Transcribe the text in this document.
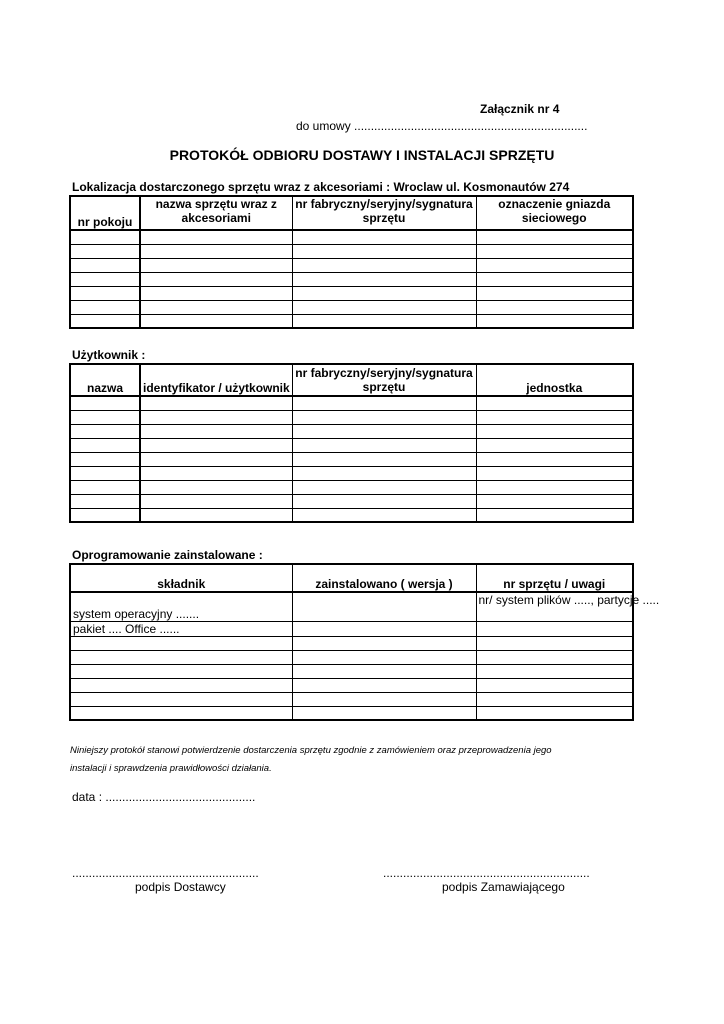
Załącznik nr 4
do umowy ......................................................................
PROTOKÓŁ ODBIORU DOSTAWY I INSTALACJI SPRZĘTU
Lokalizacja dostarczonego sprzętu wraz z akcesoriami : Wroclaw ul. Kosmonautów 274
nr pokoju	nazwa sprzętu wraz z akcesoriami	nr fabryczny/seryjny/sygnatura sprzętu	oznaczenie gniazda sieciowego

Użytkownik :
nazwa	identyfikator / użytkownik	nr fabryczny/seryjny/sygnatura sprzętu	jednostka

Oprogramowanie zainstalowane :
składnik	zainstalowano ( wersja )	nr sprzętu / uwagi
system operacyjny .......		nr/ system plików ....., partycje .....
pakiet .... Office ......		

Niniejszy protokół stanowi potwierdzenie dostarczenia sprzętu zgodnie z zamówieniem oraz przeprowadzenia jego
instalacji i sprawdzenia prawidłowości działania.
data : .............................................
........................................................
podpis Dostawcy
..............................................................
podpis Zamawiającego
